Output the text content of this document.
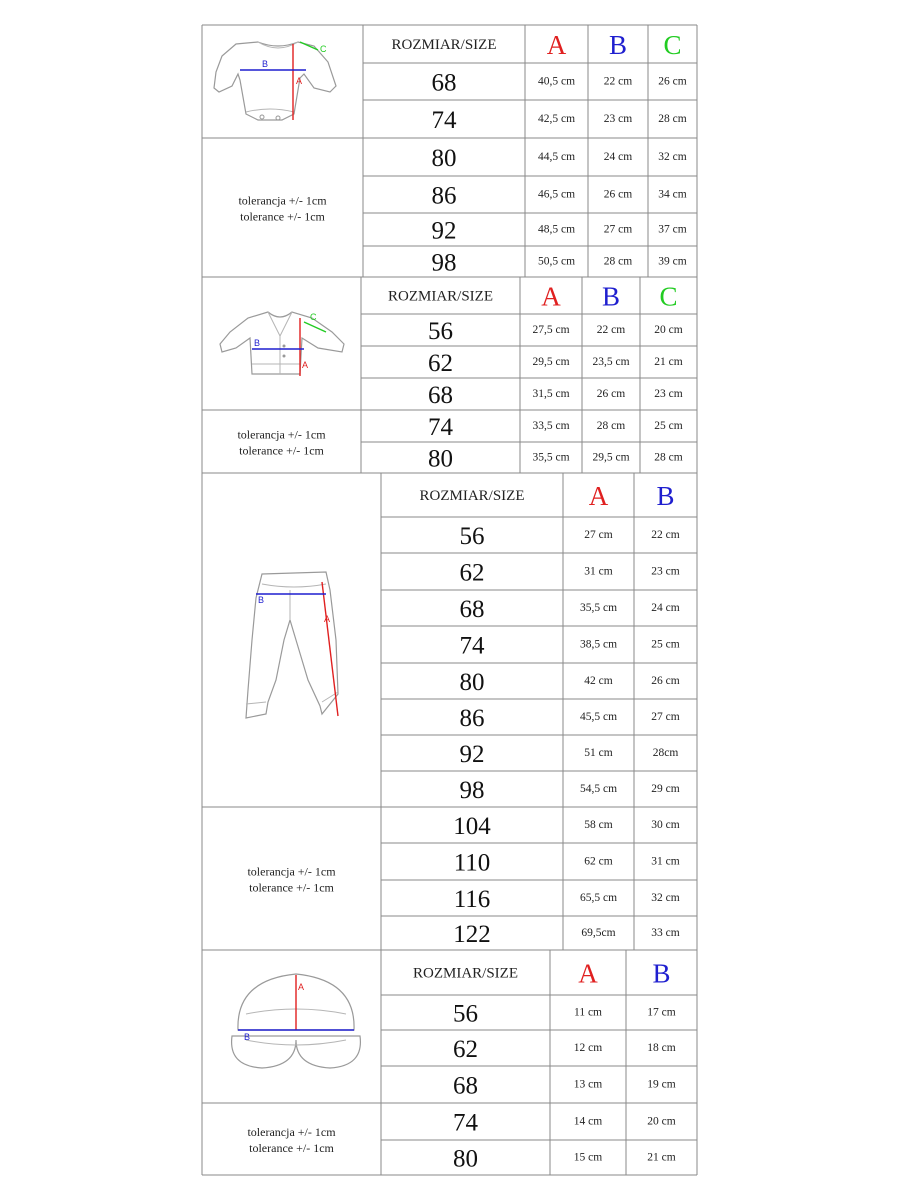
A
B
C
A
B
C
A
B
A
B
ROZMIAR/SIZE A B C
68	40,5 cm	22 cm 26 cm
74	42,5 cm	23 cm 28 cm
80	44,5 cm	24 cm 32 cm
86	46,5 cm	26 cm 34 cm
92	48,5 cm	27 cm 37 cm
98	50,5 cm	28 cm 39 cm
tolerancja +/- 1cm
tolerance +/- 1cm
ROZMIAR/SIZE A B C
56	27,5 cm 22 cm	20 cm
62	29,5 cm 23,5 cm 21 cm
68	31,5 cm 26 cm	23 cm
74	33,5 cm 28 cm	25 cm
80	35,5 cm 29,5 cm 28 cm
tolerancja +/- 1cm
tolerance +/- 1cm
ROZMIAR/SIZE A B
56	27 cm	22 cm
62	31 cm	23 cm
68	35,5 cm	24 cm
74	38,5 cm	25 cm
80	42 cm	26 cm
86	45,5 cm	27 cm
92	51 cm	28cm
98	54,5 cm	29 cm
104	58 cm	30 cm
110	62 cm	31 cm
116	65,5 cm	32 cm
122	69,5cm	33 cm
tolerancja +/- 1cm
tolerance +/- 1cm
ROZMIAR/SIZE A B
56	11 cm	17 cm
62	12 cm	18 cm
68	13 cm	19 cm
74	14 cm	20 cm
80	15 cm	21 cm
tolerancja +/- 1cm
tolerance +/- 1cm
